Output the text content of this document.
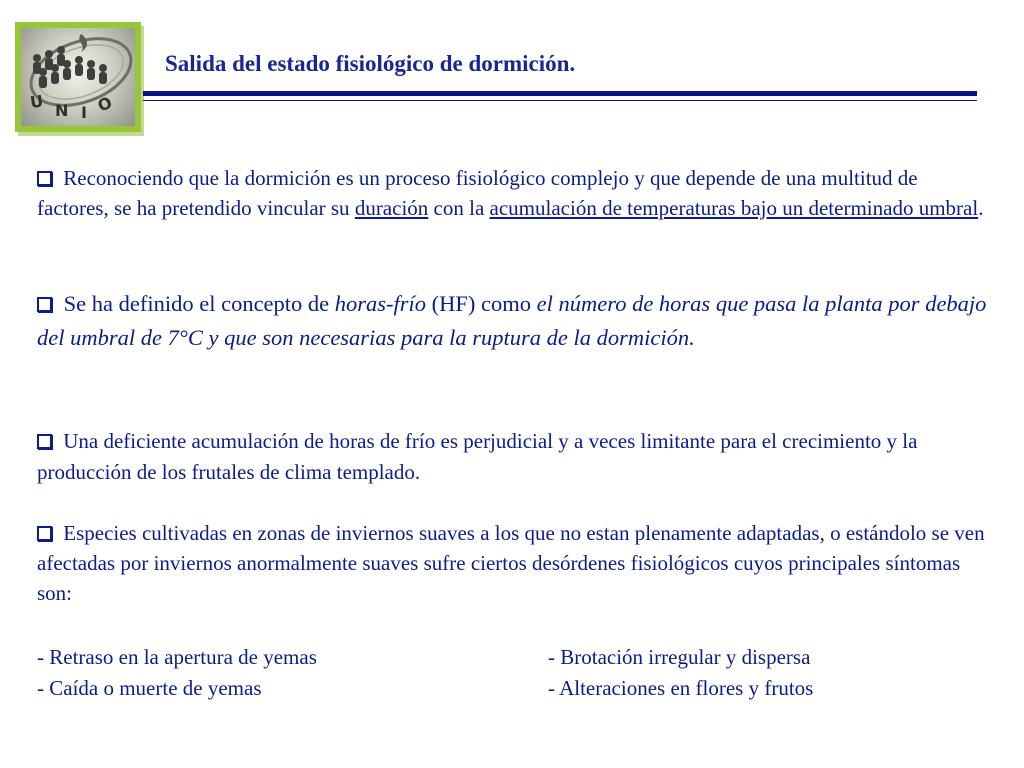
U N I O
Salida del estado fisiológico de dormición.

Reconociendo que la dormición es un proceso fisiológico complejo y que depende de una multitud de factores, se ha pretendido vincular su duración con la acumulación de temperaturas bajo un determinado umbral.

Se ha definido el concepto de horas-frío (HF) como el número de horas que pasa la planta por debajo del umbral de 7°C y que son necesarias para la ruptura de la dormición.

Una deficiente acumulación de horas de frío es perjudicial y a veces limitante para el crecimiento y la producción de los frutales de clima templado.

Especies cultivadas en zonas de inviernos suaves a los que no estan plenamente adaptadas, o estándolo se ven afectadas por inviernos anormalmente suaves sufre ciertos desórdenes fisiológicos cuyos principales síntomas son:

- Retraso en la apertura de yemas	- Brotación irregular y dispersa
- Caída o muerte de yemas	- Alteraciones en flores y frutos
